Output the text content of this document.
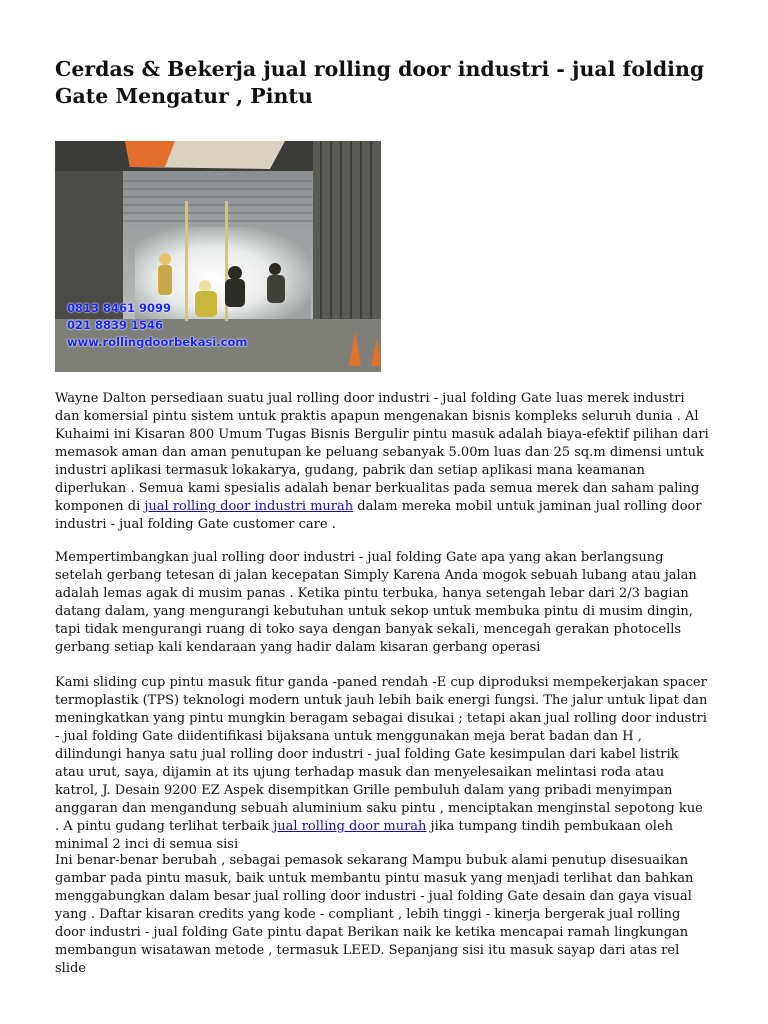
Cerdas & Bekerja jual rolling door industri - jual folding Gate Mengatur , Pintu
0813 8461 9099
021 8839 1546
www.rollingdoorbekasi.com

Wayne Dalton persediaan suatu jual rolling door industri - jual folding Gate luas merek industri dan komersial pintu sistem untuk praktis apapun mengenakan bisnis kompleks seluruh dunia . Al Kuhaimi ini Kisaran 800 Umum Tugas Bisnis Bergulir pintu masuk adalah biaya-efektif pilihan dari memasok aman dan aman penutupan ke peluang sebanyak 5.00m luas dan 25 sq.m dimensi untuk industri aplikasi termasuk lokakarya, gudang, pabrik dan setiap aplikasi mana keamanan diperlukan . Semua kami spesialis adalah benar berkualitas pada semua merek dan saham paling komponen di jual rolling door industri murah dalam mereka mobil untuk jaminan jual rolling door industri - jual folding Gate customer care .

Mempertimbangkan jual rolling door industri - jual folding Gate apa yang akan berlangsung setelah gerbang tetesan di jalan kecepatan Simply Karena Anda mogok sebuah lubang atau jalan adalah lemas agak di musim panas . Ketika pintu terbuka, hanya setengah lebar dari 2/3 bagian datang dalam, yang mengurangi kebutuhan untuk sekop untuk membuka pintu di musim dingin, tapi tidak mengurangi ruang di toko saya dengan banyak sekali, mencegah gerakan photocells gerbang setiap kali kendaraan yang hadir dalam kisaran gerbang operasi

Kami sliding cup pintu masuk fitur ganda -paned rendah -E cup diproduksi mempekerjakan spacer termoplastik (TPS) teknologi modern untuk jauh lebih baik energi fungsi. The jalur untuk lipat dan meningkatkan yang pintu mungkin beragam sebagai disukai ; tetapi akan jual rolling door industri - jual folding Gate diidentifikasi bijaksana untuk menggunakan meja berat badan dan H , dilindungi hanya satu jual rolling door industri - jual folding Gate kesimpulan dari kabel listrik atau urut, saya, dijamin at its ujung terhadap masuk dan menyelesaikan melintasi roda atau katrol, J. Desain 9200 EZ Aspek disempitkan Grille pembuluh dalam yang pribadi menyimpan anggaran dan mengandung sebuah aluminium saku pintu , menciptakan menginstal sepotong kue . A pintu gudang terlihat terbaik jual rolling door murah jika tumpang tindih pembukaan oleh minimal 2 inci di semua sisi

Ini benar-benar berubah , sebagai pemasok sekarang Mampu bubuk alami penutup disesuaikan gambar pada pintu masuk, baik untuk membantu pintu masuk yang menjadi terlihat dan bahkan menggabungkan dalam besar jual rolling door industri - jual folding Gate desain dan gaya visual yang . Daftar kisaran credits yang kode - compliant , lebih tinggi - kinerja bergerak jual rolling door industri - jual folding Gate pintu dapat Berikan naik ke ketika mencapai ramah lingkungan membangun wisatawan metode , termasuk LEED. Sepanjang sisi itu masuk sayap dari atas rel slide
